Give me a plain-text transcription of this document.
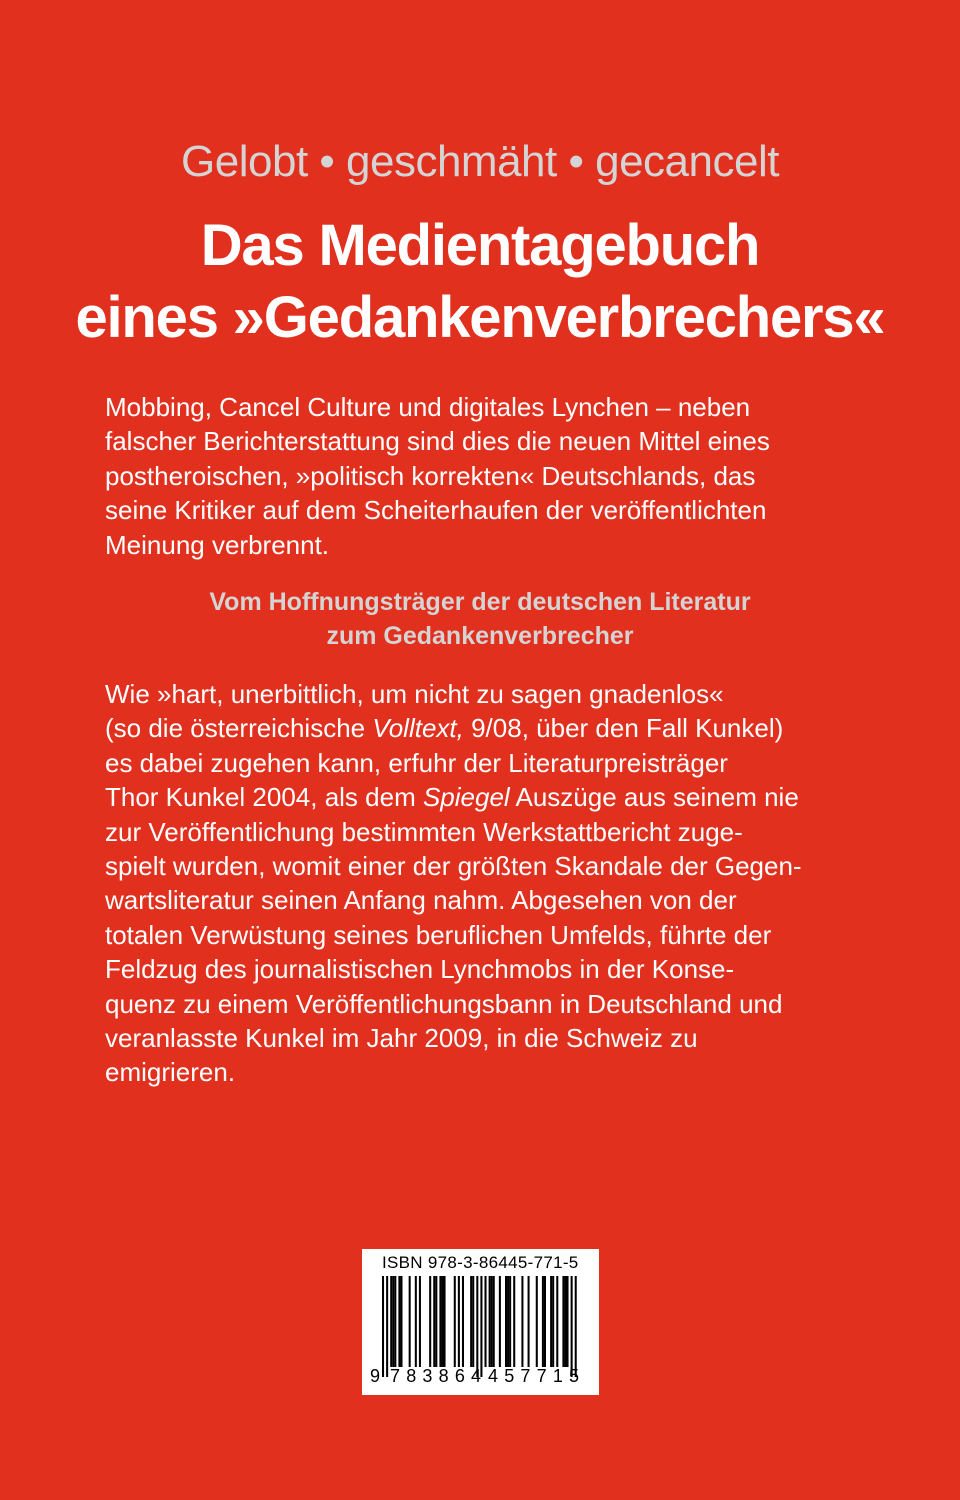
Gelobt • geschmäht • gecancelt
Das Medientagebuch
eines »Gedankenverbrechers«
Mobbing, Cancel Culture und digitales Lynchen – neben
falscher Berichterstattung sind dies die neuen Mittel eines
postheroischen, »politisch korrekten« Deutschlands, das
seine Kritiker auf dem Scheiterhaufen der veröffentlichten
Meinung verbrennt.
Vom Hoffnungsträger der deutschen Literatur
zum Gedankenverbrecher
Wie »hart, unerbittlich, um nicht zu sagen gnadenlos«
(so die österreichische Volltext, 9/08, über den Fall Kunkel)
es dabei zugehen kann, erfuhr der Literaturpreisträger
Thor Kunkel 2004, als dem Spiegel Auszüge aus seinem nie
zur Veröffentlichung bestimmten Werkstattbericht zuge-
spielt wurden, womit einer der größten Skandale der Gegen-
wartsliteratur seinen Anfang nahm. Abgesehen von der
totalen Verwüstung seines beruflichen Umfelds, führte der
Feldzug des journalistischen Lynchmobs in der Konse-
quenz zu einem Veröffentlichungsbann in Deutschland und
veranlasste Kunkel im Jahr 2009, in die Schweiz zu
emigrieren.
ISBN 978-3-86445-771-5
9 783864 457715
